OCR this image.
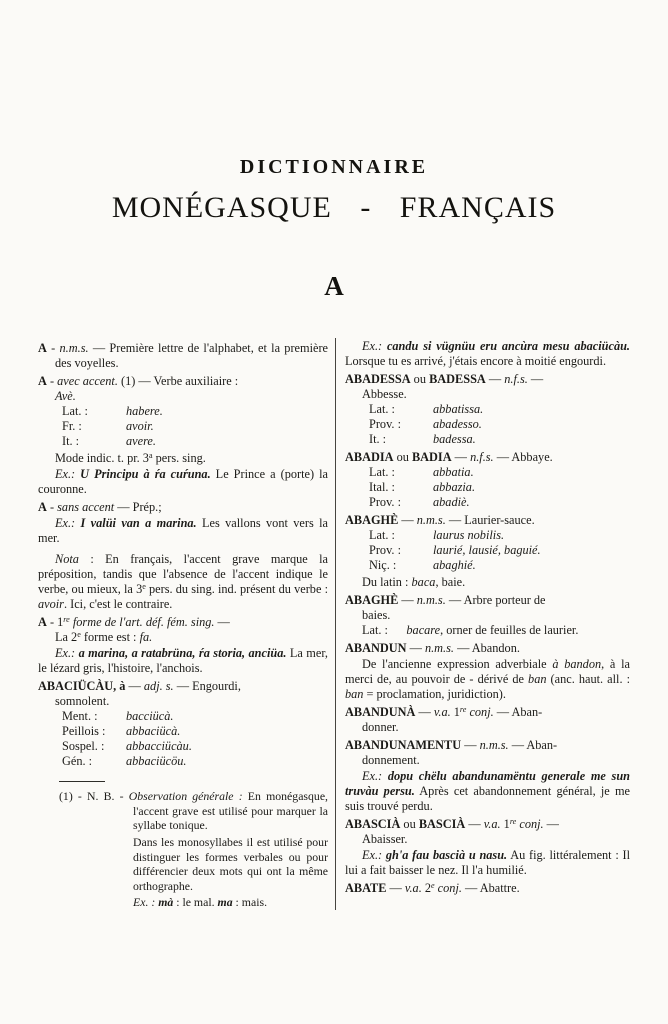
DICTIONNAIRE
MONÉGASQUE - FRANÇAIS
A
A - n.m.s. — Première lettre de l'alphabet, et la première des voyelles.
A - avec accent. (1) — Verbe auxiliaire :
Avè.
Lat. :	habere.
Fr. :	avoir.
It. :	avere.
Mode indic. t. pr. 3$^a$ pers. sing.
Ex.: U Principu à ŕa cuŕuna. Le Prince a (porte) la couronne.
A - sans accent — Prép.;
Ex.: I valüi van a marina. Les vallons vont vers la mer.
Nota : En français, l'accent grave marque la préposition, tandis que l'absence de l'accent indique le verbe, ou mieux, la 3e pers. du sing. ind. présent du verbe : avoir. Ici, c'est le contraire.
A - 1re forme de l'art. déf. fém. sing. —
La 2e forme est : fa.
Ex.: a marina, a ratabrüna, ŕa storia, anciüa. La mer, le lézard gris, l'histoire, l'anchois.
ABACIÜCÀU, à — adj. s. — Engourdi,
somnolent.
Ment. :	bacciücà.
Peillois :	abbaciücà.
Sospel. :	abbacciücàu.
Gén. :	abbaciücöu.
(1) - N. B. - Observation générale : En monégasque, l'accent grave est utilisé pour marquer la syllabe tonique.
Dans les monosyllabes il est utilisé pour distinguer les formes verbales ou pour différencier deux mots qui ont la même orthographe.
Ex. : mà : le mal. ma : mais.
Ex.: candu si vügnüu eru ancùra mesu abaciücàu. Lorsque tu es arrivé, j'étais encore à moitié engourdi.
ABADESSA ou BADESSA — n.f.s. —
Abbesse.
Lat. :	abbatissa.
Prov. :	abadesso.
It. :	badessa.
ABADIA ou BADIA — n.f.s. — Abbaye.
Lat. :	abbatia.
Ital. :	abbazia.
Prov. :	abadiè.
ABAGHÈ — n.m.s. — Laurier-sauce.
Lat. :	laurus nobilis.
Prov. :	laurié, lausié, baguié.
Niç. :	abaghié.
Du latin : baca, baie.
ABAGHÈ — n.m.s. — Arbre porteur de
baies.
Lat. :  bacare, orner de feuilles de laurier.
ABANDUN — n.m.s. — Abandon.
De l'ancienne expression adverbiale à bandon, à la merci de, au pouvoir de - dérivé de ban (anc. haut. all. : ban = proclamation, juridiction).
ABANDUNÀ — v.a. 1re conj. — Aban-
donner.
ABANDUNAMENTU — n.m.s. — Aban-
donnement.
Ex.: dopu chëlu abandunamëntu generale me sun truvàu persu. Après cet abandonnement général, je me suis trouvé perdu.
ABASCIÀ ou BASCIÀ — v.a. 1re conj. —
Abaisser.
Ex.: gh'a fau bascià u nasu. Au fig. littéralement : Il lui a fait baisser le nez. Il l'a humilié.
ABATE — v.a. 2e conj. — Abattre.
